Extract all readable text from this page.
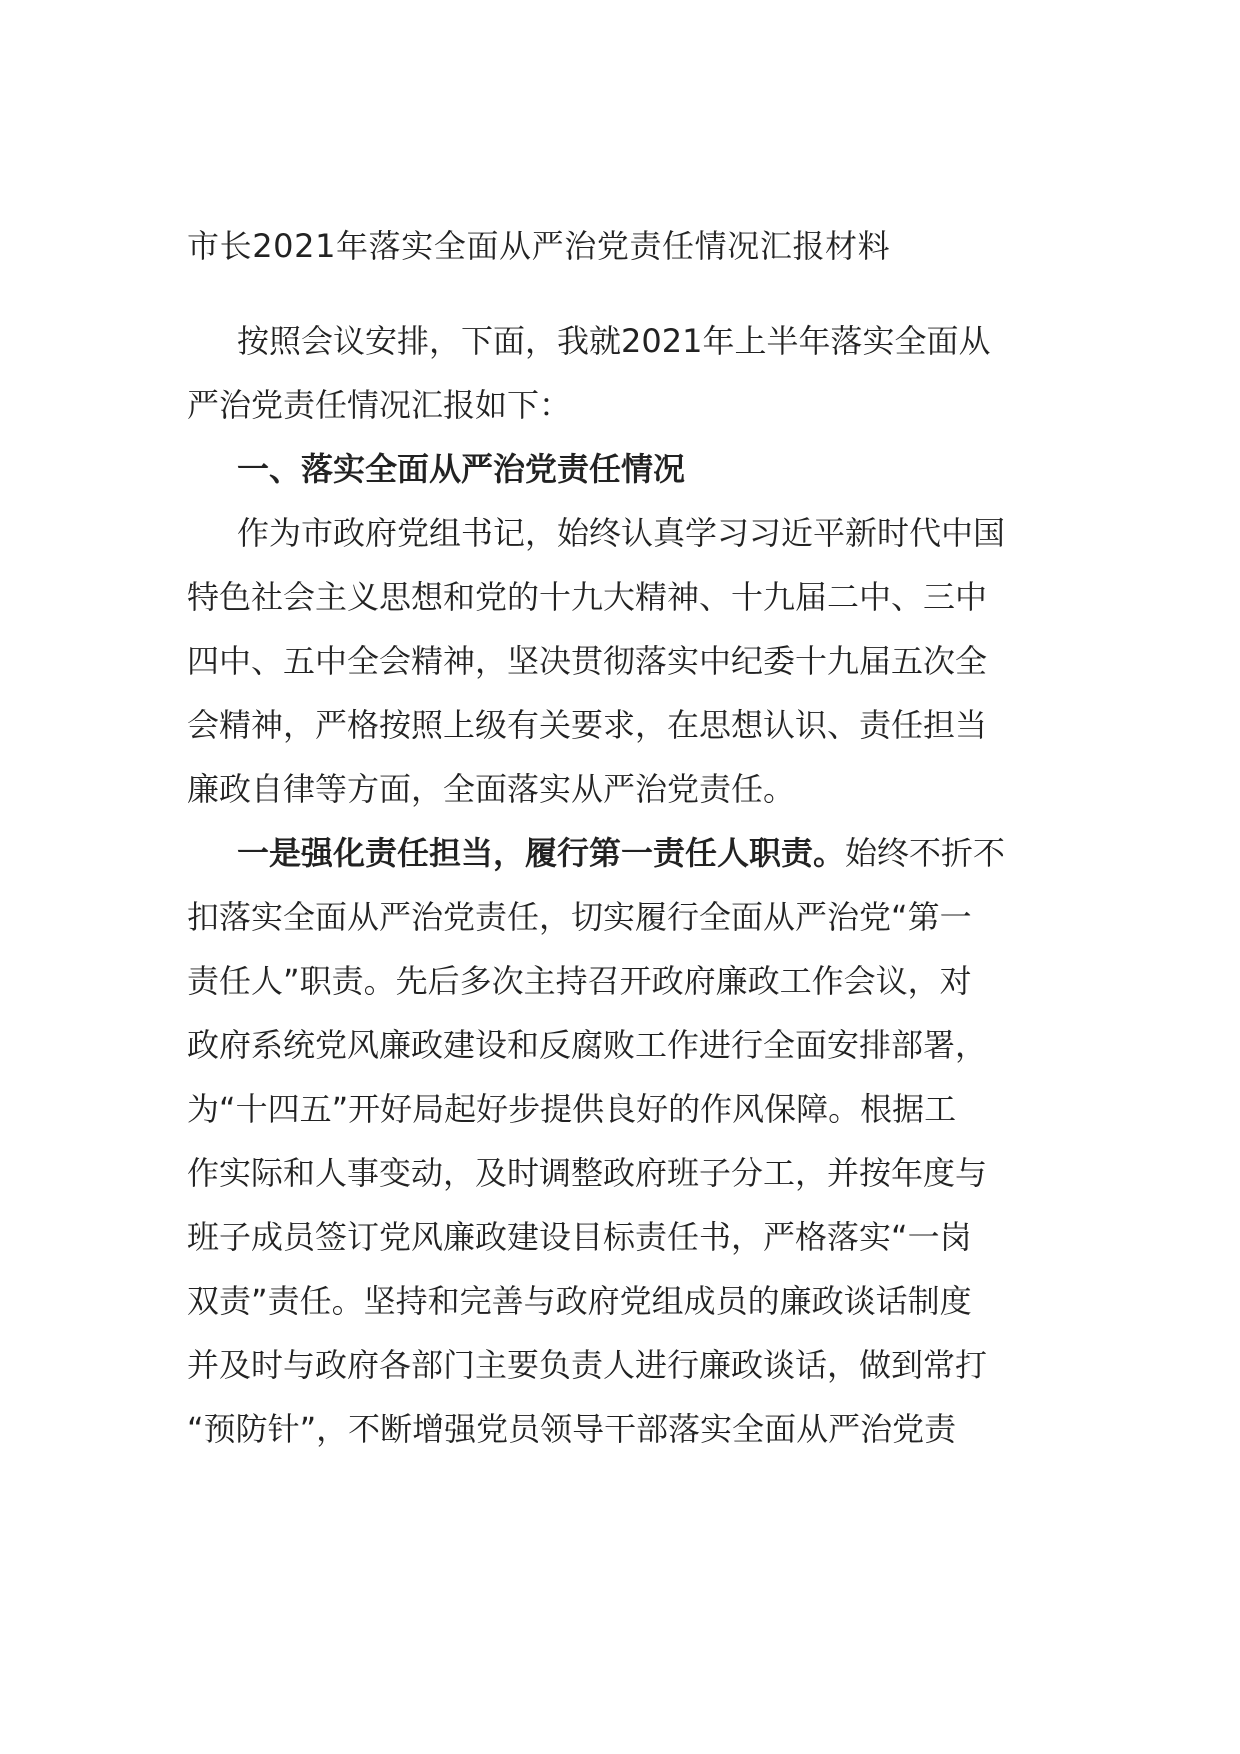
市长2021年落实全面从严治党责任情况汇报材料
按照会议安排，下面，我就2021年上半年落实全面从
严治党责任情况汇报如下：
一、落实全面从严治党责任情况
作为市政府党组书记，始终认真学习习近平新时代中国
特色社会主义思想和党的十九大精神、十九届二中、三中
四中、五中全会精神，坚决贯彻落实中纪委十九届五次全
会精神，严格按照上级有关要求，在思想认识、责任担当
廉政自律等方面，全面落实从严治党责任。
一是强化责任担当，履行第一责任人职责。始终不折不
扣落实全面从严治党责任，切实履行全面从严治党“第一
责任人”职责。先后多次主持召开政府廉政工作会议，对
政府系统党风廉政建设和反腐败工作进行全面安排部署，
为“十四五”开好局起好步提供良好的作风保障。根据工
作实际和人事变动，及时调整政府班子分工，并按年度与
班子成员签订党风廉政建设目标责任书，严格落实“一岗
双责”责任。坚持和完善与政府党组成员的廉政谈话制度
并及时与政府各部门主要负责人进行廉政谈话，做到常打
“预防针”，不断增强党员领导干部落实全面从严治党责
